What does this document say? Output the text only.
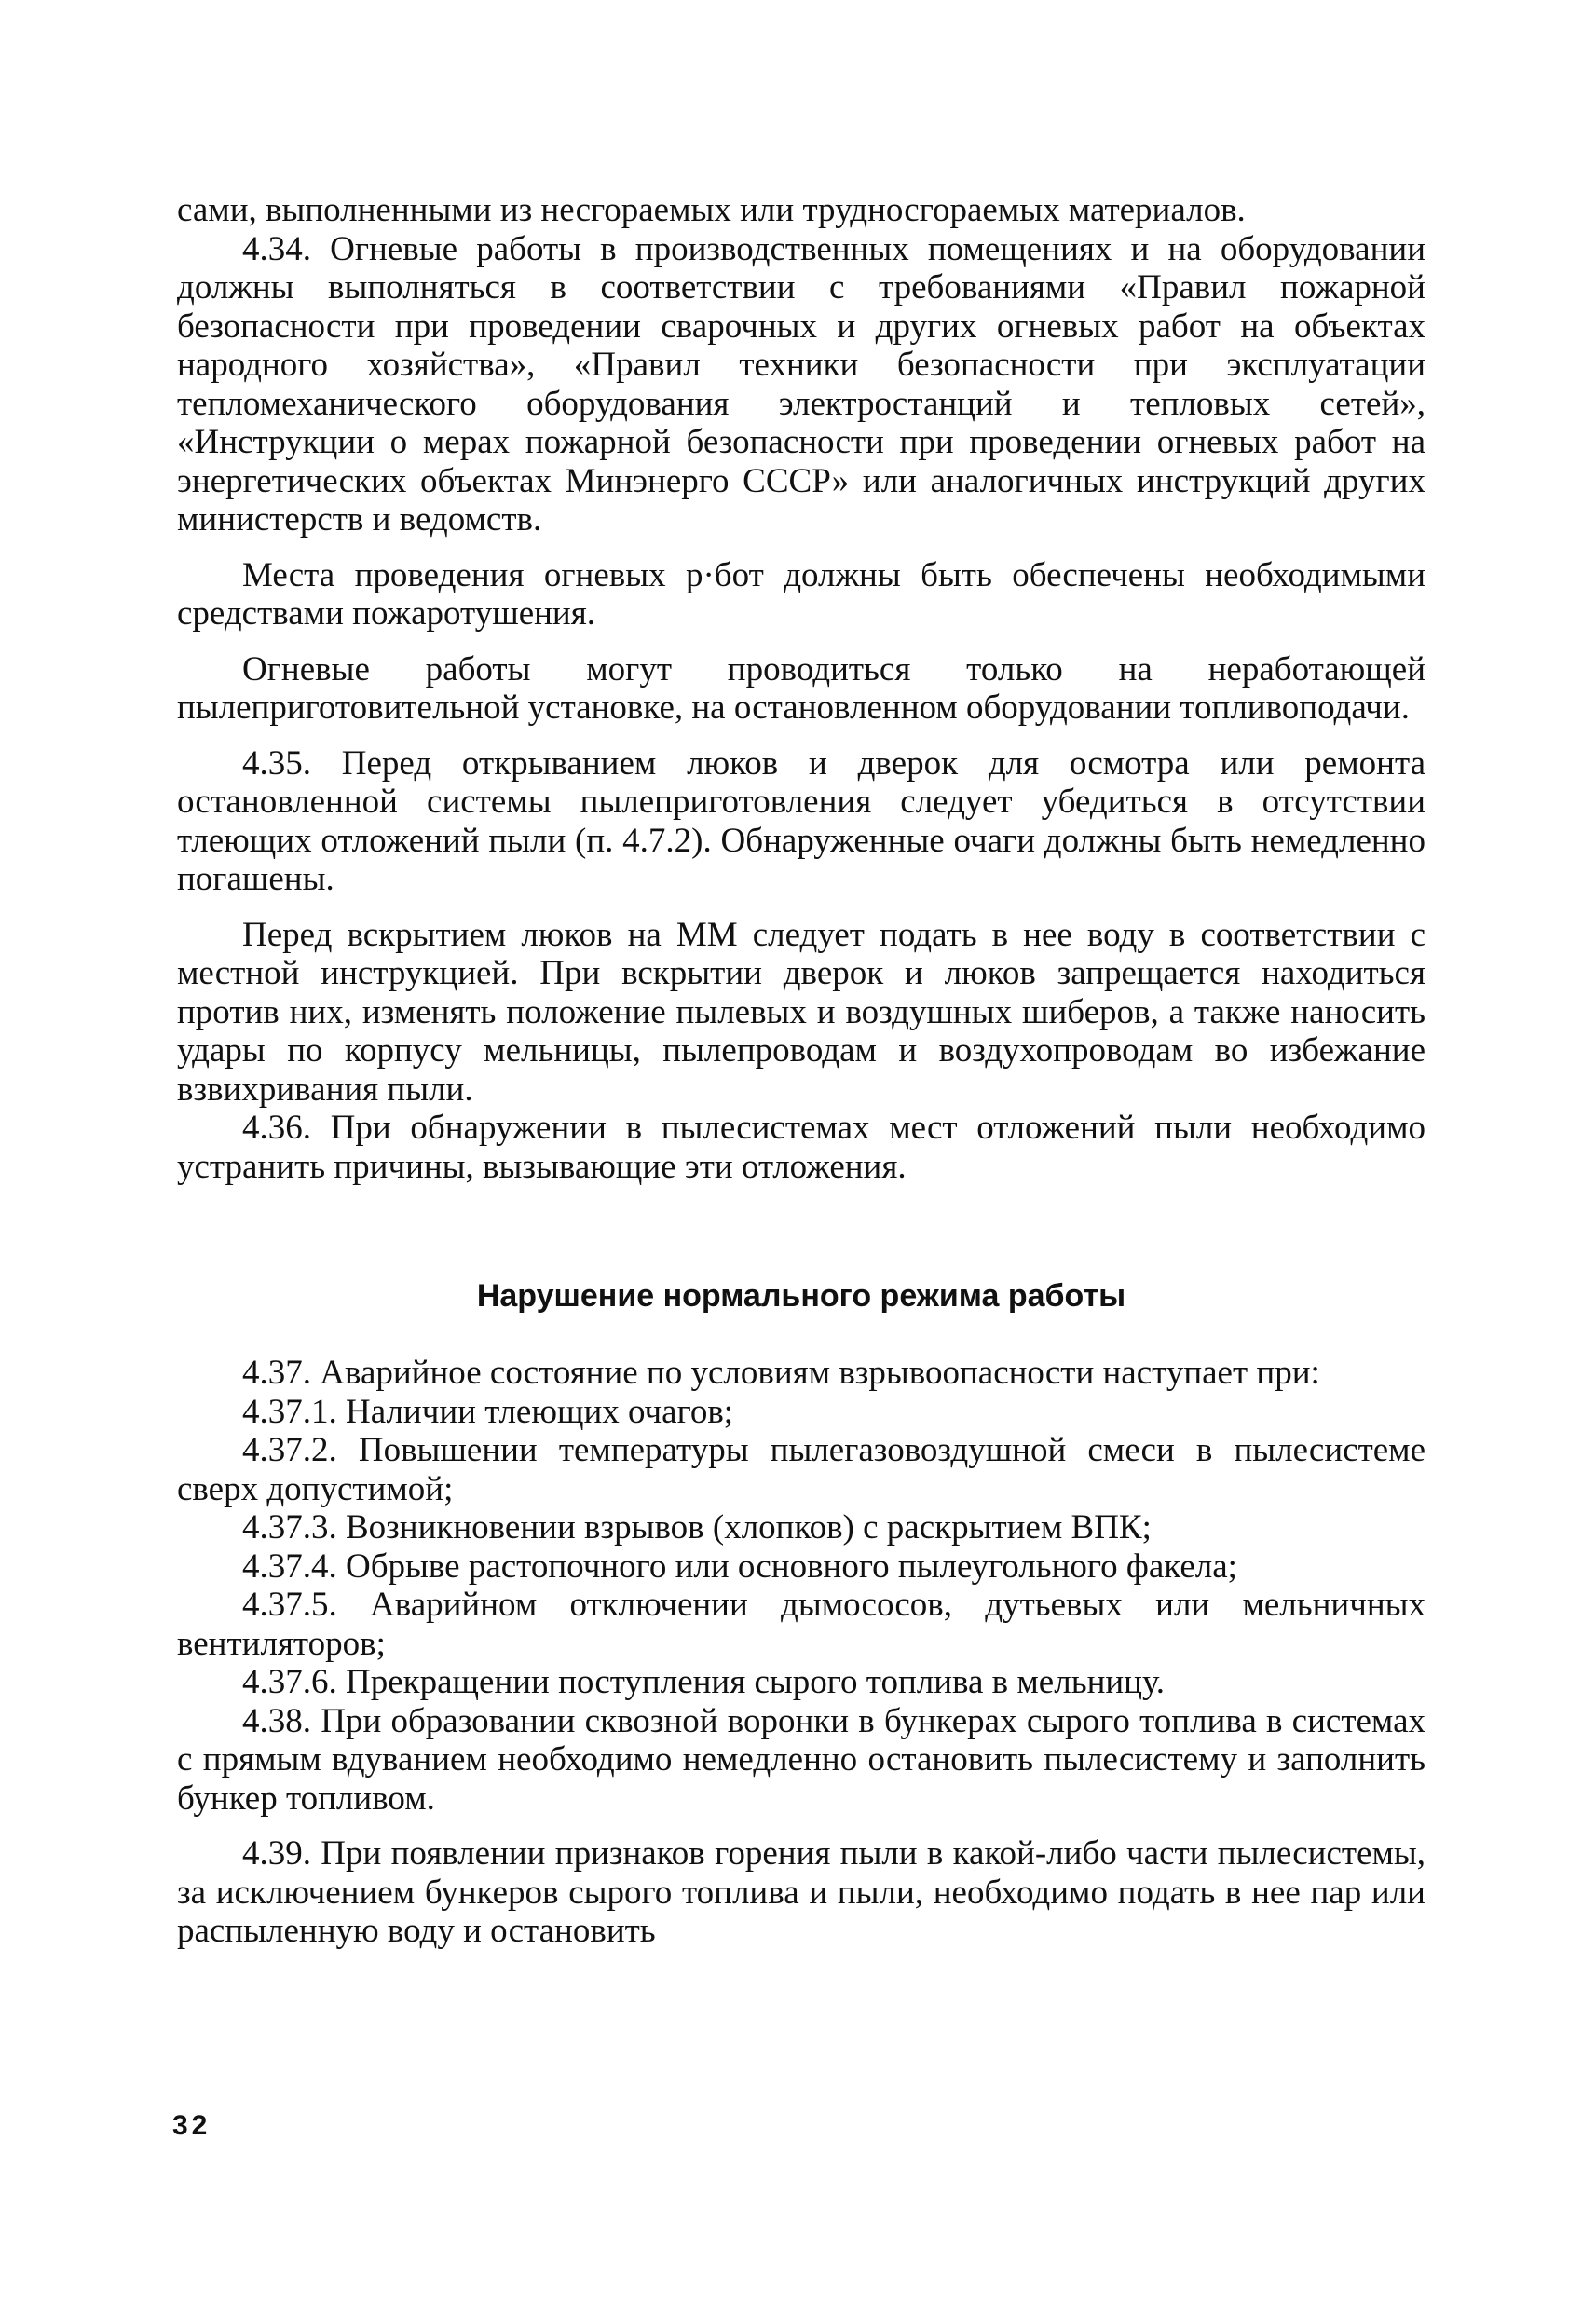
сами, выполненными из несгораемых или трудносгораемых материалов.

4.34. Огневые работы в производственных помещениях и на оборудовании должны выполняться в соответствии с требованиями «Правил пожарной безопасности при проведении сварочных и других огневых работ на объектах народного хозяйства», «Правил техники безопасности при эксплуатации тепломеханического оборудования электростанций и тепловых сетей», «Инструкции о мерах пожарной безопасности при проведении огневых работ на энергетических объектах Минэнерго СССР» или аналогичных инструкций других министерств и ведомств.

Места проведения огневых р·бот должны быть обеспечены необходимыми средствами пожаротушения.

Огневые работы могут проводиться только на неработающей пылеприготовительной установке, на остановленном оборудовании топливоподачи.

4.35. Перед открыванием люков и дверок для осмотра или ремонта остановленной системы пылеприготовления следует убедиться в отсутствии тлеющих отложений пыли (п. 4.7.2). Обнаруженные очаги должны быть немедленно погашены.

Перед вскрытием люков на ММ следует подать в нее воду в соответствии с местной инструкцией. При вскрытии дверок и люков запрещается находиться против них, изменять положение пылевых и воздушных шиберов, а также наносить удары по корпусу мельницы, пылепроводам и воздухопроводам во избежание взвихривания пыли.

4.36. При обнаружении в пылесистемах мест отложений пыли необходимо устранить причины, вызывающие эти отложения.

Нарушение нормального режима работы

4.37. Аварийное состояние по условиям взрывоопасности наступает при:

4.37.1. Наличии тлеющих очагов;

4.37.2. Повышении температуры пылегазовоздушной смеси в пылесистеме сверх допустимой;

4.37.3. Возникновении взрывов (хлопков) с раскрытием ВПК;

4.37.4. Обрыве растопочного или основного пылеугольного факела;

4.37.5. Аварийном отключении дымососов, дутьевых или мельничных вентиляторов;

4.37.6. Прекращении поступления сырого топлива в мельницу.

4.38. При образовании сквозной воронки в бункерах сырого топлива в системах с прямым вдуванием необходимо немедленно остановить пылесистему и заполнить бункер топливом.

4.39. При появлении признаков горения пыли в какой-либо части пылесистемы, за исключением бункеров сырого топлива и пыли, необходимо подать в нее пар или распыленную воду и остановить

32
